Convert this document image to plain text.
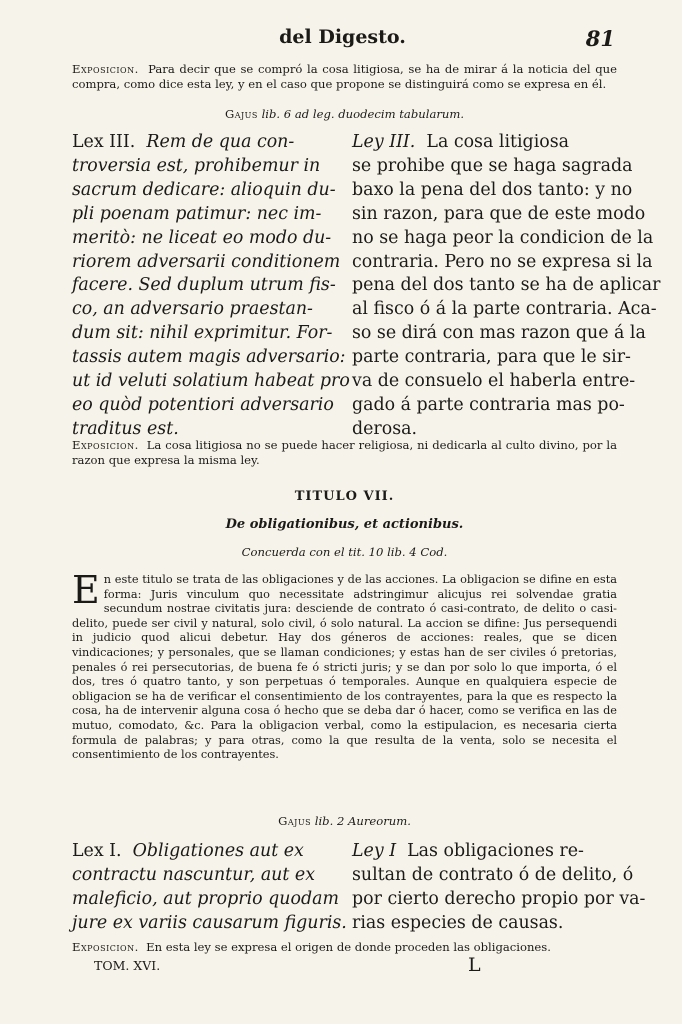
del Digesto.	81
Exposicion. Para decir que se compró la cosa litigiosa, se ha de mirar á la noticia del que compra, como dice esta ley, y en el caso que propone se distinguirá como se expresa en él.
Gajus lib. 6 ad leg. duodecim tabularum.
Lex III. Rem de qua con-
troversia est, prohibemur in
sacrum dedicare: alioquin du-
pli poenam patimur: nec im-
meritò: ne liceat eo modo du-
riorem adversarii conditionem
facere. Sed duplum utrum fis-
co, an adversario praestan-
dum sit: nihil exprimitur. For-
tassis autem magis adversario:
ut id veluti solatium habeat pro
eo quòd potentiori adversario
traditus est.
Ley III. La cosa litigiosa
se prohibe que se haga sagrada
baxo la pena del dos tanto: y no
sin razon, para que de este modo
no se haga peor la condicion de la
contraria. Pero no se expresa si la
pena del dos tanto se ha de aplicar
al fisco ó á la parte contraria. Aca-
so se dirá con mas razon que á la
parte contraria, para que le sir-
va de consuelo el haberla entre-
gado á parte contraria mas po-
derosa.
Exposicion. La cosa litigiosa no se puede hacer religiosa, ni dedicarla al culto divino, por la razon que expresa la misma ley.
TITULO VII.
De obligationibus, et actionibus.
Concuerda con el tit. 10 lib. 4 Cod.
E n este titulo se trata de las obligaciones y de las acciones. La obligacion se difine en esta forma: Juris vinculum quo necessitate adstringimur alicujus rei solvendae gratia secundum nostrae civitatis jura: desciende de contrato ó casi-contrato, de delito o casi-delito, puede ser civil y natural, solo civil, ó solo natural. La accion se difine: Jus persequendi in judicio quod alicui debetur. Hay dos géneros de acciones: reales, que se dicen vindicaciones; y personales, que se llaman condiciones; y estas han de ser civiles ó pretorias, penales ó rei persecutorias, de buena fe ó stricti juris; y se dan por solo lo que importa, ó el dos, tres ó quatro tanto, y son perpetuas ó temporales. Aunque en qualquiera especie de obligacion se ha de verificar el consentimiento de los contrayentes, para la que es respecto la cosa, ha de intervenir alguna cosa ó hecho que se deba dar ó hacer, como se verifica en las de mutuo, comodato, &c. Para la obligacion verbal, como la estipulacion, es necesaria cierta formula de palabras; y para otras, como la que resulta de la venta, solo se necesita el consentimiento de los contrayentes.
Gajus lib. 2 Aureorum.
Lex I. Obligationes aut ex
contractu nascuntur, aut ex
maleficio, aut proprio quodam
jure ex variis causarum figuris.
Ley I Las obligaciones re-
sultan de contrato ó de delito, ó
por cierto derecho propio por va-
rias especies de causas.
Exposicion. En esta ley se expresa el origen de donde proceden las obligaciones.
TOM. XVI.	L
